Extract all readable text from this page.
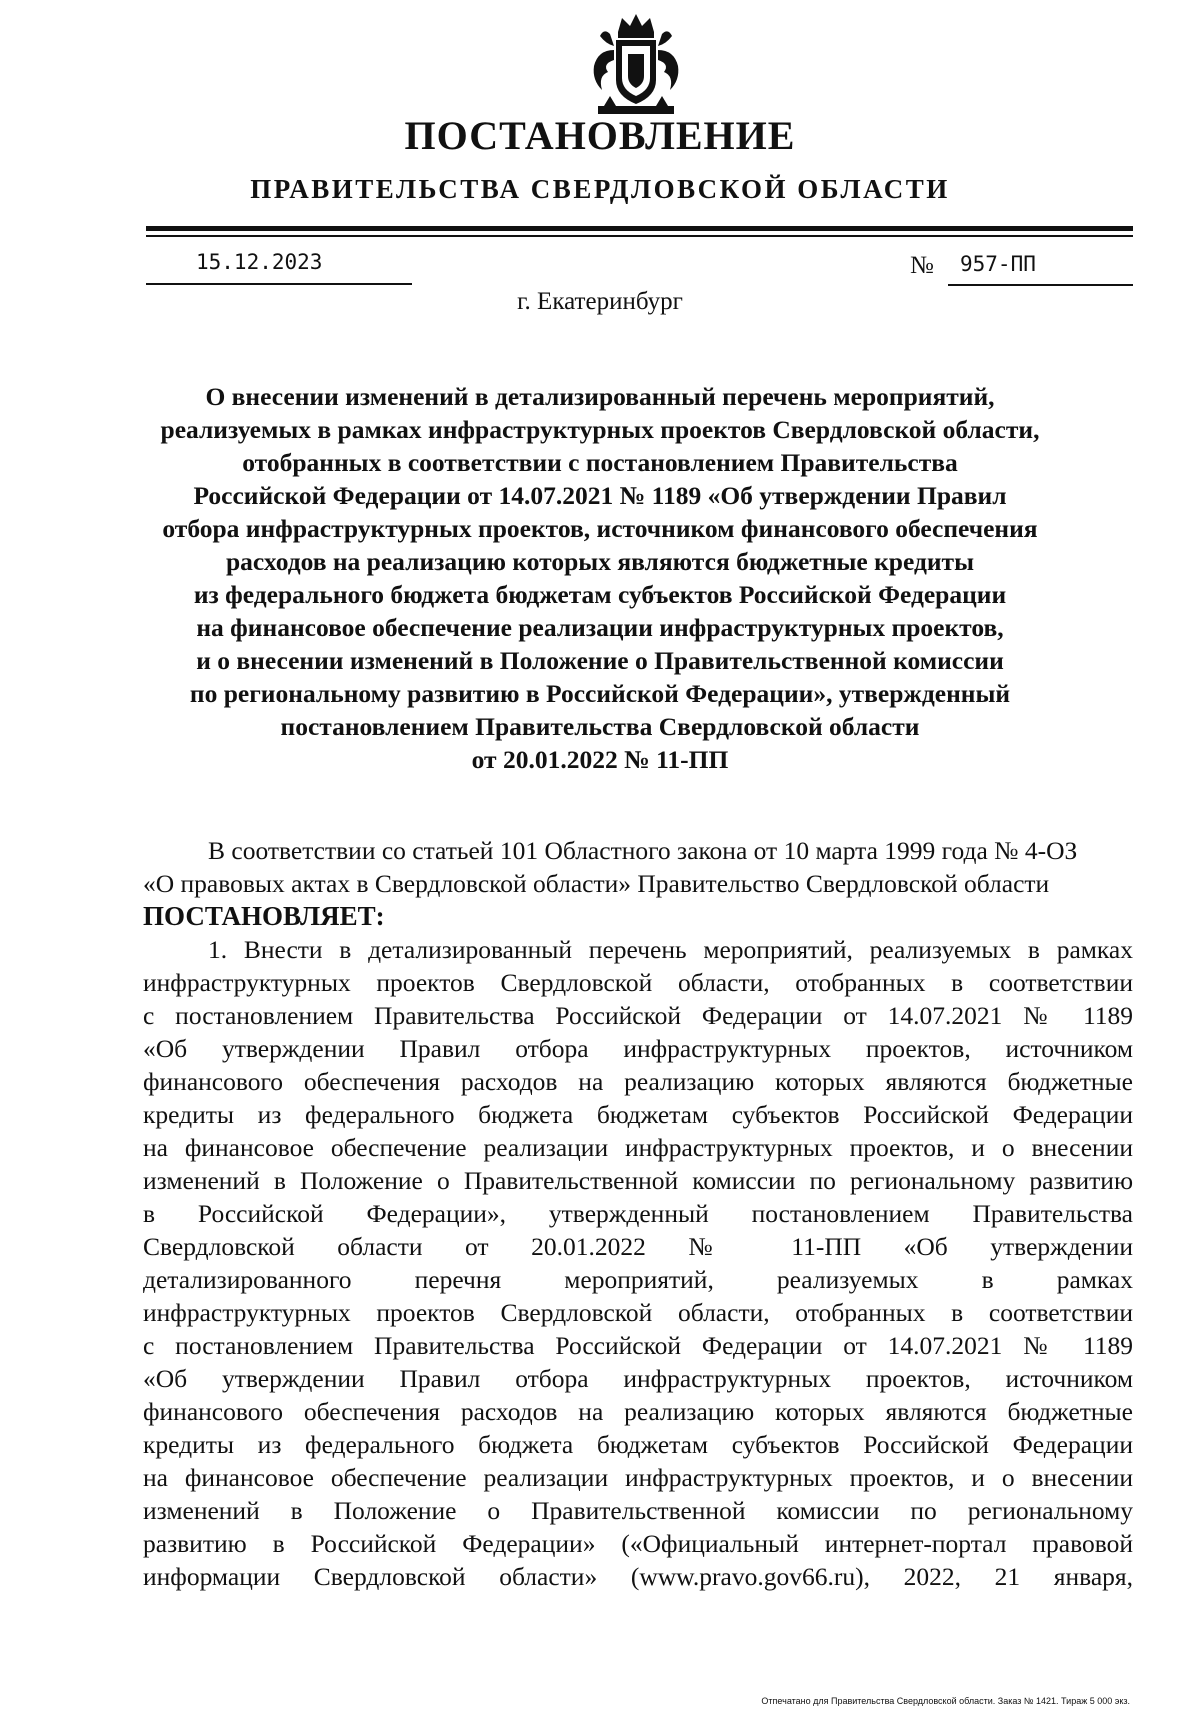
ПОСТАНОВЛЕНИЕ
ПРАВИТЕЛЬСТВА СВЕРДЛОВСКОЙ ОБЛАСТИ
15.12.2023	№ 957-ПП
г. Екатеринбург
О внесении изменений в детализированный перечень мероприятий,
реализуемых в рамках инфраструктурных проектов Свердловской области,
отобранных в соответствии с постановлением Правительства
Российской Федерации от 14.07.2021 № 1189 «Об утверждении Правил
отбора инфраструктурных проектов, источником финансового обеспечения
расходов на реализацию которых являются бюджетные кредиты
из федерального бюджета бюджетам субъектов Российской Федерации
на финансовое обеспечение реализации инфраструктурных проектов,
и о внесении изменений в Положение о Правительственной комиссии
по региональному развитию в Российской Федерации», утвержденный
постановлением Правительства Свердловской области
от 20.01.2022 № 11-ПП
В соответствии со статьей 101 Областного закона от 10 марта 1999 года № 4-ОЗ
«О правовых актах в Свердловской области» Правительство Свердловской области
ПОСТАНОВЛЯЕТ:
1. Внести в детализированный перечень мероприятий, реализуемых в рамках
инфраструктурных проектов Свердловской области, отобранных в соответствии
с постановлением Правительства Российской Федерации от 14.07.2021 № 1189
«Об утверждении Правил отбора инфраструктурных проектов, источником
финансового обеспечения расходов на реализацию которых являются бюджетные
кредиты из федерального бюджета бюджетам субъектов Российской Федерации
на финансовое обеспечение реализации инфраструктурных проектов, и о внесении
изменений в Положение о Правительственной комиссии по региональному развитию
в Российской Федерации», утвержденный постановлением Правительства
Свердловской области от 20.01.2022 № 11-ПП «Об утверждении
детализированного перечня мероприятий, реализуемых в рамках
инфраструктурных проектов Свердловской области, отобранных в соответствии
с постановлением Правительства Российской Федерации от 14.07.2021 № 1189
«Об утверждении Правил отбора инфраструктурных проектов, источником
финансового обеспечения расходов на реализацию которых являются бюджетные
кредиты из федерального бюджета бюджетам субъектов Российской Федерации
на финансовое обеспечение реализации инфраструктурных проектов, и о внесении
изменений в Положение о Правительственной комиссии по региональному
развитию в Российской Федерации» («Официальный интернет-портал правовой
информации Свердловской области» (www.pravo.gov66.ru), 2022, 21 января,
Отпечатано для Правительства Свердловской области. Заказ № 1421. Тираж 5 000 экз.
